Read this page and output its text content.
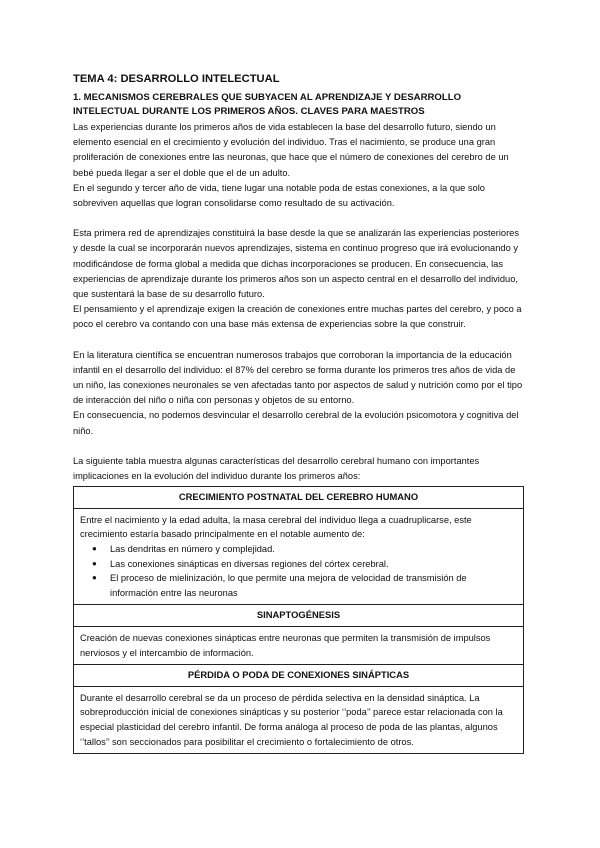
TEMA 4: DESARROLLO INTELECTUAL
1. MECANISMOS CEREBRALES QUE SUBYACEN AL APRENDIZAJE Y DESARROLLO INTELECTUAL DURANTE LOS PRIMEROS AÑOS. CLAVES PARA MAESTROS

Las experiencias durante los primeros años de vida establecen la base del desarrollo futuro, siendo un elemento esencial en el crecimiento y evolución del individuo. Tras el nacimiento, se produce una gran proliferación de conexiones entre las neuronas, que hace que el número de conexiones del cerebro de un bebé pueda llegar a ser el doble que el de un adulto.

En el segundo y tercer año de vida, tiene lugar una notable poda de estas conexiones, a la que solo sobreviven aquellas que logran consolidarse como resultado de su activación.

Esta primera red de aprendizajes constituirá la base desde la que se analizarán las experiencias posteriores y desde la cual se incorporarán nuevos aprendizajes, sistema en continuo progreso que irá evolucionando y modificándose de forma global a medida que dichas incorporaciones se producen. En consecuencia, las experiencias de aprendizaje durante los primeros años son un aspecto central en el desarrollo del individuo, que sustentará la base de su desarrollo futuro.

El pensamiento y el aprendizaje exigen la creación de conexiones entre muchas partes del cerebro, y poco a poco el cerebro va contando con una base más extensa de experiencias sobre la que construir.

En la literatura científica se encuentran numerosos trabajos que corroboran la importancia de la educación infantil en el desarrollo del individuo: el 87% del cerebro se forma durante los primeros tres años de vida de un niño, las conexiones neuronales se ven afectadas tanto por aspectos de salud y nutrición como por el tipo de interacción del niño o niña con personas y objetos de su entorno.

En consecuencia, no podemos desvincular el desarrollo cerebral de la evolución psicomotora y cognitiva del niño.

La siguiente tabla muestra algunas características del desarrollo cerebral humano con importantes implicaciones en la evolución del individuo durante los primeros años:

CRECIMIENTO POSTNATAL DEL CEREBRO HUMANO

Entre el nacimiento y la edad adulta, la masa cerebral del individuo llega a cuadruplicarse, este crecimiento estaría basado principalmente en el notable aumento de:
● Las dendritas en número y complejidad.
● Las conexiones sinápticas en diversas regiones del córtex cerebral.
● El proceso de mielinización, lo que permite una mejora de velocidad de transmisión de información entre las neuronas

SINAPTOGÉNESIS
Creación de nuevas conexiones sinápticas entre neuronas que permiten la transmisión de impulsos nerviosos y el intercambio de información.
PÉRDIDA O PODA DE CONEXIONES SINÁPTICAS
Durante el desarrollo cerebral se da un proceso de pérdida selectiva en la densidad sináptica. La sobreproducción inicial de conexiones sinápticas y su posterior ‘’poda’’ parece estar relacionada con la especial plasticidad del cerebro infantil. De forma análoga al proceso de poda de las plantas, algunos ‘’tallos’’ son seccionados para posibilitar el crecimiento o fortalecimiento de otros.
